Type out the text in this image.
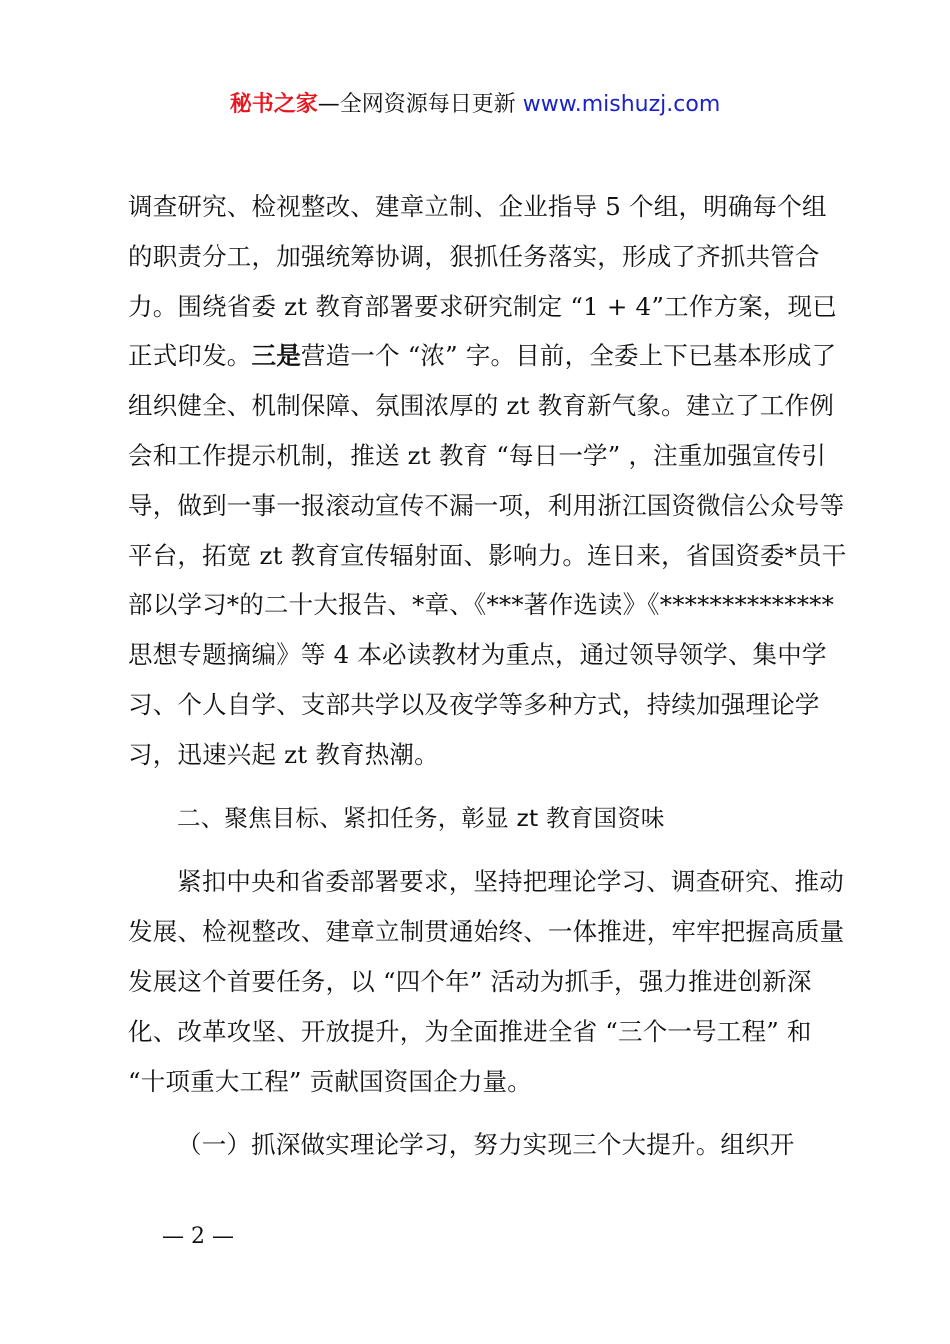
秘书之家—全网资源每日更新 www.mishuzj.com

调查研究、检视整改、建章立制、企业指导 5 个组，明确每个组的职责分工，加强统筹协调，狠抓任务落实，形成了齐抓共管合力。围绕省委 zt 教育部署要求研究制定 “1 + 4”工作方案，现已正式印发。三是营造一个 “浓” 字。目前，全委上下已基本形成了组织健全、机制保障、氛围浓厚的 zt 教育新气象。建立了工作例会和工作提示机制，推送 zt 教育 “每日一学” ，注重加强宣传引导，做到一事一报滚动宣传不漏一项，利用浙江国资微信公众号等平台，拓宽 zt 教育宣传辐射面、影响力。连日来，省国资委*员干部以学习*的二十大报告、*章、《***著作选读》《**************思想专题摘编》等 4 本必读教材为重点，通过领导领学、集中学习、个人自学、支部共学以及夜学等多种方式，持续加强理论学习，迅速兴起 zt 教育热潮。

二、聚焦目标、紧扣任务，彰显 zt 教育国资味

紧扣中央和省委部署要求，坚持把理论学习、调查研究、推动发展、检视整改、建章立制贯通始终、一体推进，牢牢把握高质量发展这个首要任务，以 “四个年” 活动为抓手，强力推进创新深化、改革攻坚、开放提升，为全面推进全省 “三个一号工程” 和 “十项重大工程” 贡献国资国企力量。

（一）抓深做实理论学习，努力实现三个大提升。组织开

— 2 —
